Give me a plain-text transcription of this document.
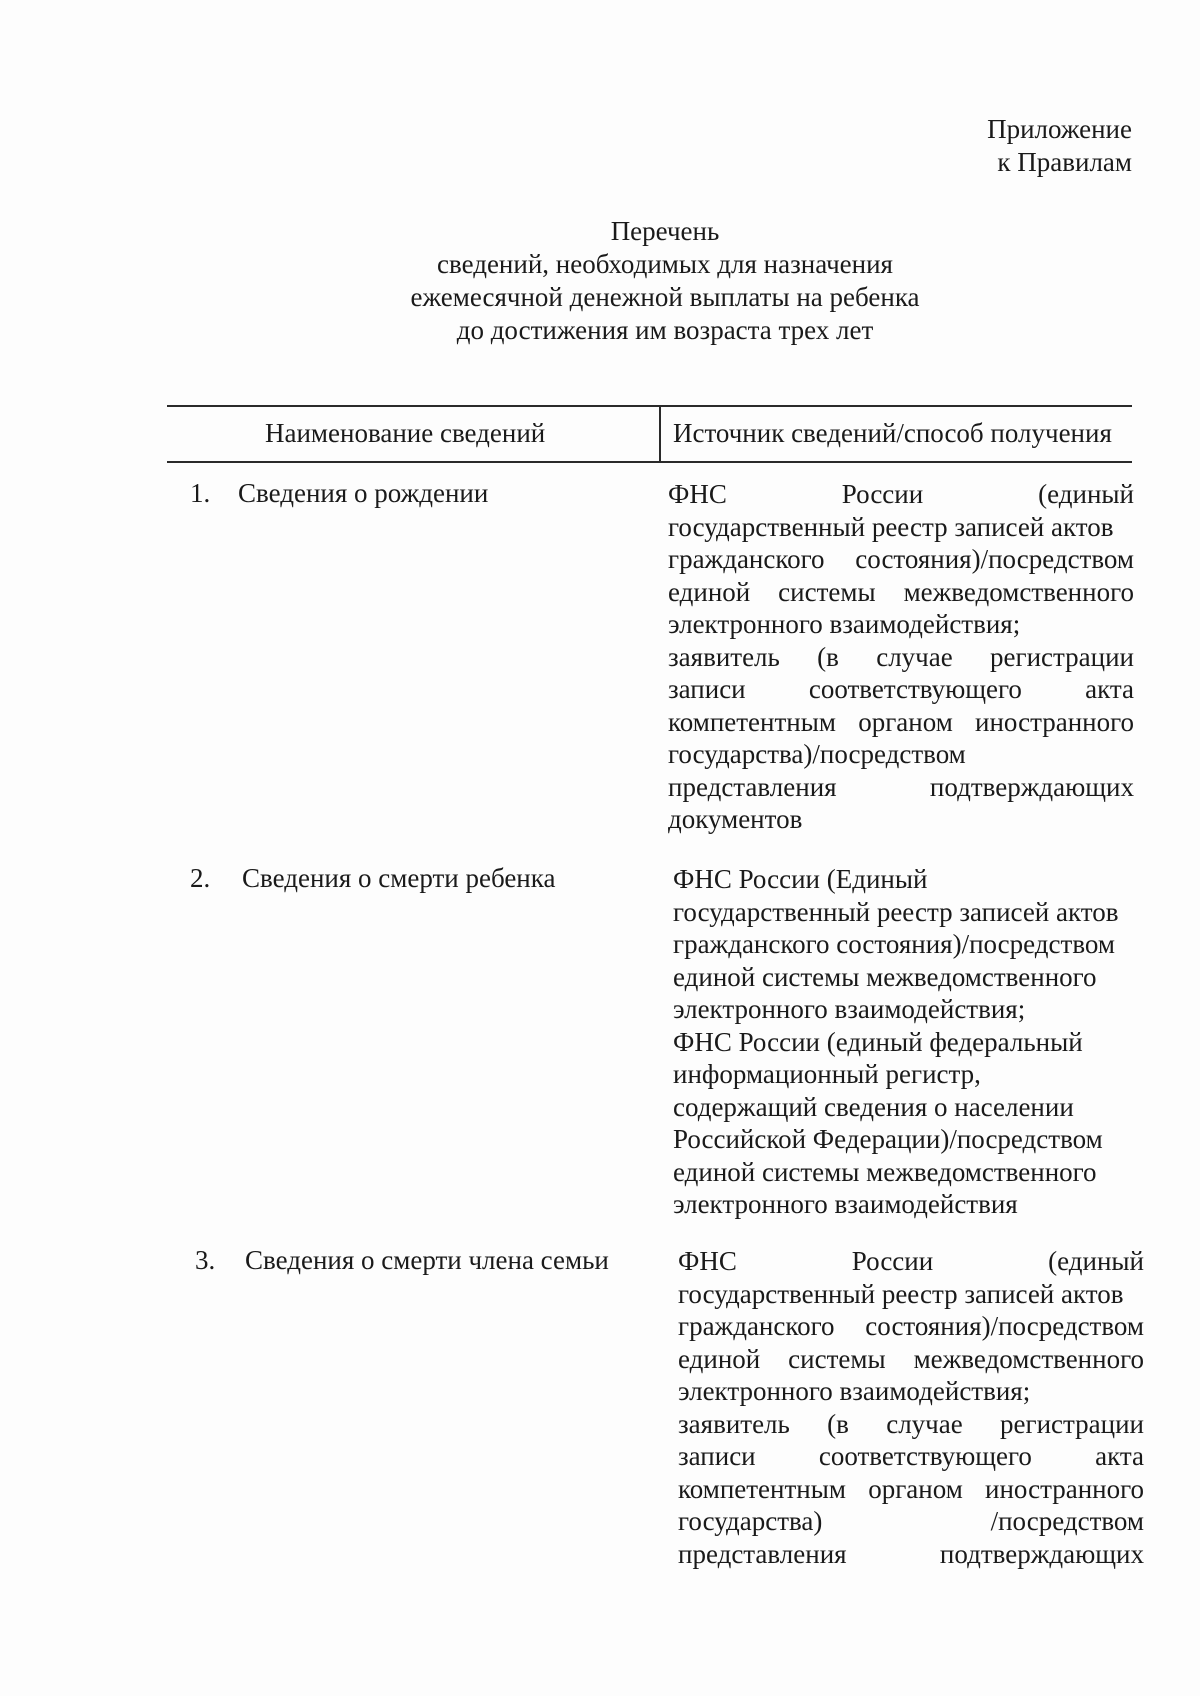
Приложение
к Правилам
Перечень
сведений, необходимых для назначения
ежемесячной денежной выплаты на ребенка
до достижения им возраста трех лет
Наименование сведений	Источник сведений/способ получения
1. Сведения о рождении	ФНС России (единый
государственный реестр записей актов
гражданского состояния)/посредством
единой системы межведомственного
электронного взаимодействия;
заявитель (в случае регистрации
записи соответствующего акта
компетентным органом иностранного
государства)/посредством
представления подтверждающих
документов
2. Сведения о смерти ребенка	ФНС России (Единый
государственный реестр записей актов
гражданского состояния)/посредством
единой системы межведомственного
электронного взаимодействия;
ФНС России (единый федеральный
информационный регистр,
содержащий сведения о населении
Российской Федерации)/посредством
единой системы межведомственного
электронного взаимодействия
3. Сведения о смерти члена семьи	ФНС России (единый
государственный реестр записей актов
гражданского состояния)/посредством
единой системы межведомственного
электронного взаимодействия;
заявитель (в случае регистрации
записи соответствующего акта
компетентным органом иностранного
государства) /посредством
представления подтверждающих
